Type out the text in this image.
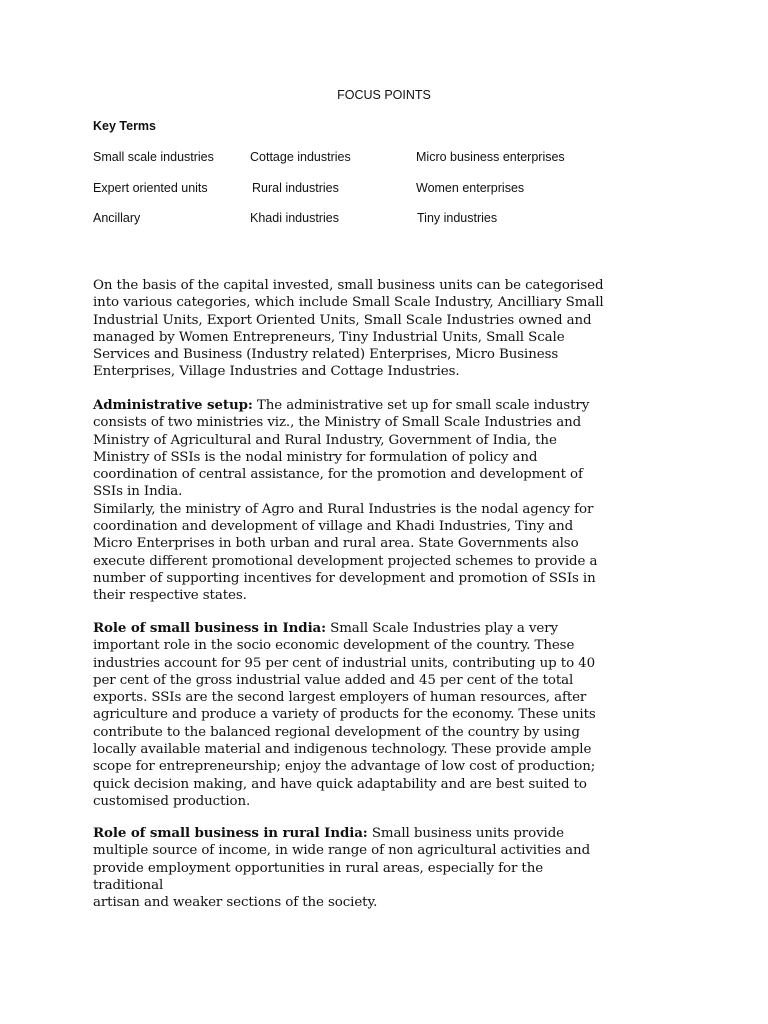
FOCUS POINTS
Key Terms
Small scale industries	Cottage industries	Micro business enterprises
Expert oriented units	Rural industries	Women enterprises
Ancillary	Khadi industries	Tiny industries

On the basis of the capital invested, small business units can be categorised
into various categories, which include Small Scale Industry, Ancilliary Small
Industrial Units, Export Oriented Units, Small Scale Industries owned and
managed by Women Entrepreneurs, Tiny Industrial Units, Small Scale
Services and Business (Industry related) Enterprises, Micro Business
Enterprises, Village Industries and Cottage Industries.

Administrative setup: The administrative set up for small scale industry
consists of two ministries viz., the Ministry of Small Scale Industries and
Ministry of Agricultural and Rural Industry, Government of India, the
Ministry of SSIs is the nodal ministry for formulation of policy and
coordination of central assistance, for the promotion and development of
SSIs in India.
Similarly, the ministry of Agro and Rural Industries is the nodal agency for
coordination and development of village and Khadi Industries, Tiny and
Micro Enterprises in both urban and rural area. State Governments also
execute different promotional development projected schemes to provide a
number of supporting incentives for development and promotion of SSIs in
their respective states.

Role of small business in India: Small Scale Industries play a very
important role in the socio economic development of the country. These
industries account for 95 per cent of industrial units, contributing up to 40
per cent of the gross industrial value added and 45 per cent of the total
exports. SSIs are the second largest employers of human resources, after
agriculture and produce a variety of products for the economy. These units
contribute to the balanced regional development of the country by using
locally available material and indigenous technology. These provide ample
scope for entrepreneurship; enjoy the advantage of low cost of production;
quick decision making, and have quick adaptability and are best suited to
customised production.

Role of small business in rural India: Small business units provide
multiple source of income, in wide range of non agricultural activities and
provide employment opportunities in rural areas, especially for the
traditional
artisan and weaker sections of the society.
